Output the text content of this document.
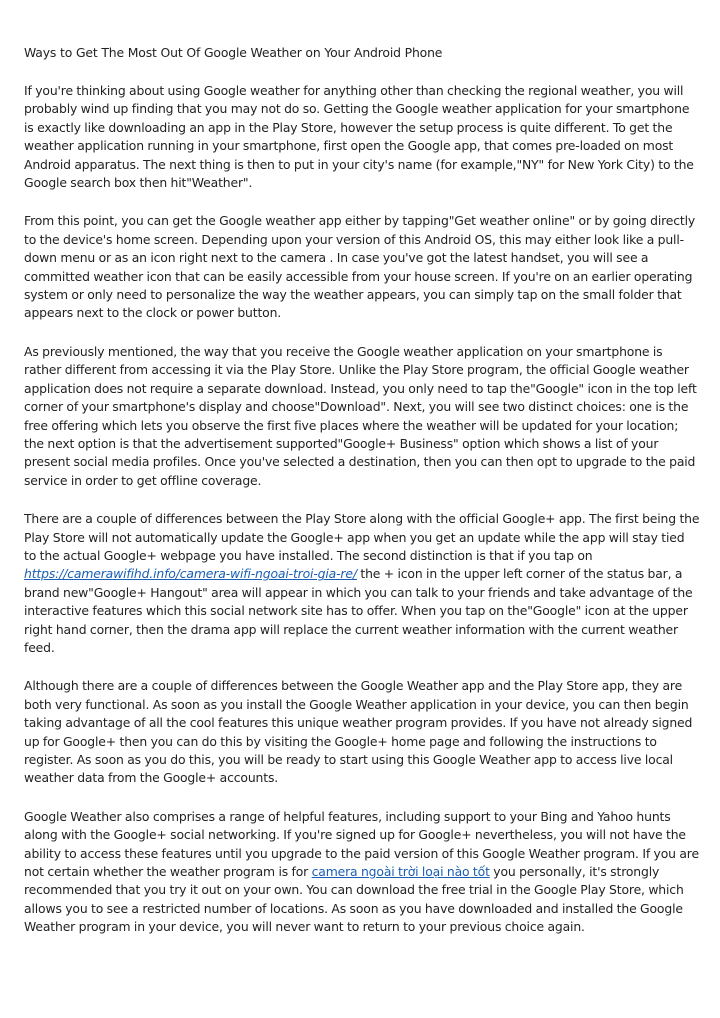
Ways to Get The Most Out Of Google Weather on Your Android Phone

If you're thinking about using Google weather for anything other than checking the regional weather, you will probably wind up finding that you may not do so. Getting the Google weather application for your smartphone is exactly like downloading an app in the Play Store, however the setup process is quite different. To get the weather application running in your smartphone, first open the Google app, that comes pre-loaded on most Android apparatus. The next thing is then to put in your city's name (for example,"NY" for New York City) to the Google search box then hit"Weather".

From this point, you can get the Google weather app either by tapping"Get weather online" or by going directly to the device's home screen. Depending upon your version of this Android OS, this may either look like a pull-down menu or as an icon right next to the camera . In case you've got the latest handset, you will see a committed weather icon that can be easily accessible from your house screen. If you're on an earlier operating system or only need to personalize the way the weather appears, you can simply tap on the small folder that appears next to the clock or power button.

As previously mentioned, the way that you receive the Google weather application on your smartphone is rather different from accessing it via the Play Store. Unlike the Play Store program, the official Google weather application does not require a separate download. Instead, you only need to tap the"Google" icon in the top left corner of your smartphone's display and choose"Download". Next, you will see two distinct choices: one is the free offering which lets you observe the first five places where the weather will be updated for your location; the next option is that the advertisement supported"Google+ Business" option which shows a list of your present social media profiles. Once you've selected a destination, then you can then opt to upgrade to the paid service in order to get offline coverage.

There are a couple of differences between the Play Store along with the official Google+ app. The first being the Play Store will not automatically update the Google+ app when you get an update while the app will stay tied to the actual Google+ webpage you have installed. The second distinction is that if you tap on https://camerawifihd.info/camera-wifi-ngoai-troi-gia-re/ the + icon in the upper left corner of the status bar, a brand new"Google+ Hangout" area will appear in which you can talk to your friends and take advantage of the interactive features which this social network site has to offer. When you tap on the"Google" icon at the upper right hand corner, then the drama app will replace the current weather information with the current weather feed.

Although there are a couple of differences between the Google Weather app and the Play Store app, they are both very functional. As soon as you install the Google Weather application in your device, you can then begin taking advantage of all the cool features this unique weather program provides. If you have not already signed up for Google+ then you can do this by visiting the Google+ home page and following the instructions to register. As soon as you do this, you will be ready to start using this Google Weather app to access live local weather data from the Google+ accounts.

Google Weather also comprises a range of helpful features, including support to your Bing and Yahoo hunts along with the Google+ social networking. If you're signed up for Google+ nevertheless, you will not have the ability to access these features until you upgrade to the paid version of this Google Weather program. If you are not certain whether the weather program is for camera ngoài trời loại nào tốt you personally, it's strongly recommended that you try it out on your own. You can download the free trial in the Google Play Store, which allows you to see a restricted number of locations. As soon as you have downloaded and installed the Google Weather program in your device, you will never want to return to your previous choice again.
